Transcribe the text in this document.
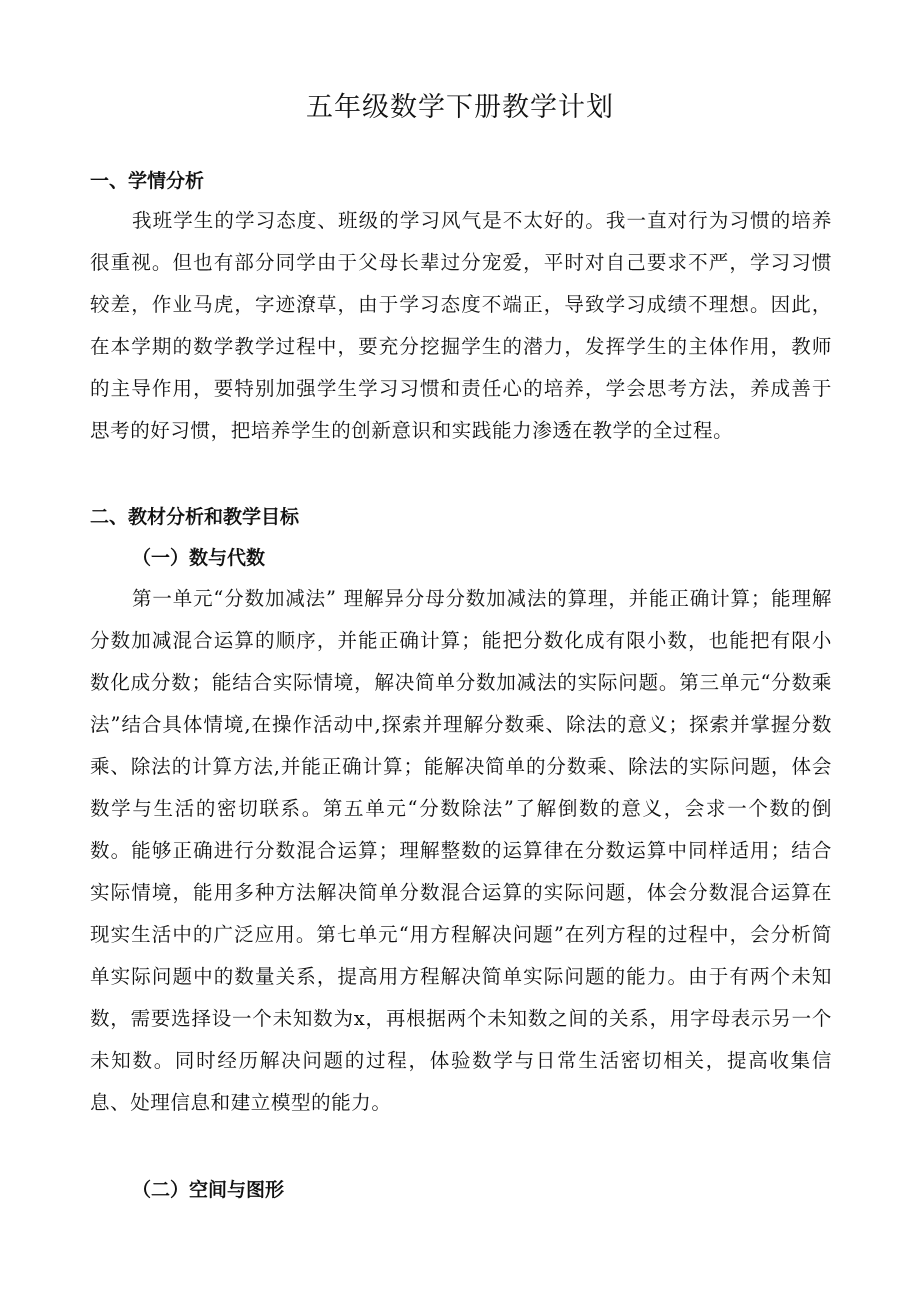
五年级数学下册教学计划
一、学情分析

我班学生的学习态度、班级的学习风气是不太好的。我一直对行为习惯的培养很重视。但也有部分同学由于父母长辈过分宠爱，平时对自己要求不严，学习习惯较差，作业马虎，字迹潦草，由于学习态度不端正，导致学习成绩不理想。因此，在本学期的数学教学过程中，要充分挖掘学生的潜力，发挥学生的主体作用，教师的主导作用，要特别加强学生学习习惯和责任心的培养，学会思考方法，养成善于思考的好习惯，把培养学生的创新意识和实践能力渗透在教学的全过程。

二、教材分析和教学目标
（一）数与代数

第一单元“分数加减法” 理解异分母分数加减法的算理，并能正确计算；能理解分数加减混合运算的顺序，并能正确计算；能把分数化成有限小数，也能把有限小数化成分数；能结合实际情境，解决简单分数加减法的实际问题。第三单元“分数乘法”结合具体情境,在操作活动中,探索并理解分数乘、除法的意义；探索并掌握分数乘、除法的计算方法,并能正确计算；能解决简单的分数乘、除法的实际问题，体会数学与生活的密切联系。第五单元“分数除法”了解倒数的意义，会求一个数的倒数。能够正确进行分数混合运算；理解整数的运算律在分数运算中同样适用；结合实际情境，能用多种方法解决简单分数混合运算的实际问题，体会分数混合运算在现实生活中的广泛应用。第七单元“用方程解决问题”在列方程的过程中，会分析简单实际问题中的数量关系，提高用方程解决简单实际问题的能力。由于有两个未知数，需要选择设一个未知数为x，再根据两个未知数之间的关系，用字母表示另一个未知数。同时经历解决问题的过程，体验数学与日常生活密切相关，提高收集信息、处理信息和建立模型的能力。

（二）空间与图形
